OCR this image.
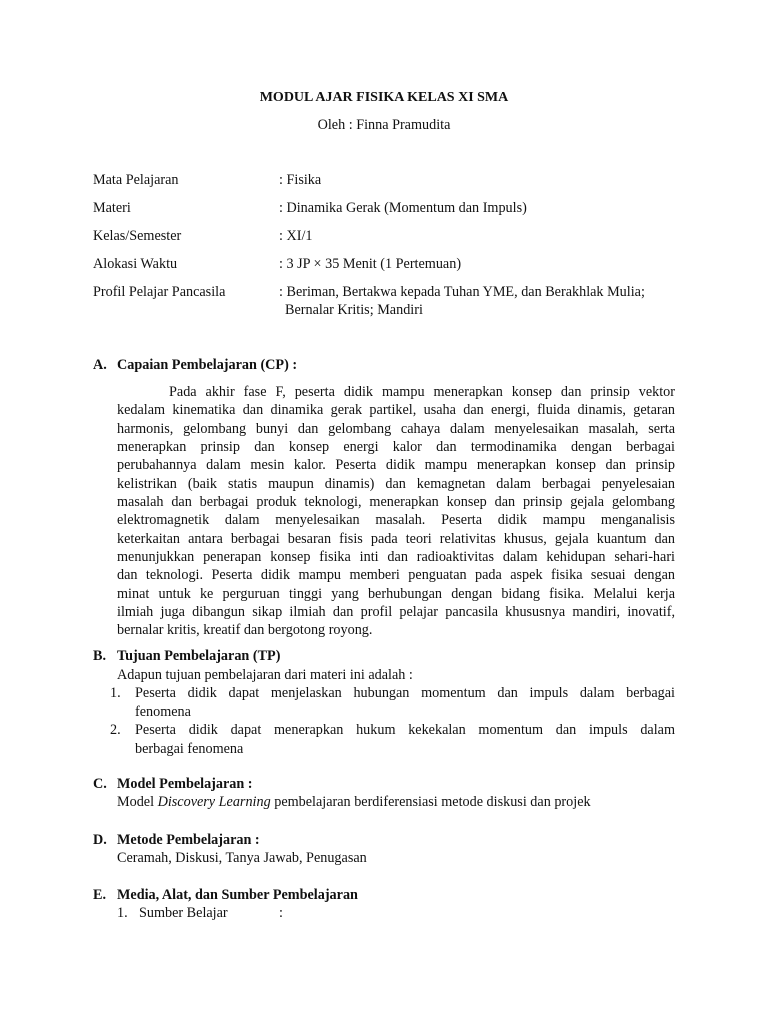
MODUL AJAR FISIKA KELAS XI SMA
Oleh : Finna Pramudita
Mata Pelajaran	: Fisika
Materi	: Dinamika Gerak (Momentum dan Impuls)
Kelas/Semester	: XI/1
Alokasi Waktu	: 3 JP × 35 Menit (1 Pertemuan)
Profil Pelajar Pancasila	: Beriman, Bertakwa kepada Tuhan YME, dan Berakhlak Mulia;
Bernalar Kritis; Mandiri
A. Capaian Pembelajaran (CP) :
Pada akhir fase F, peserta didik mampu menerapkan konsep dan prinsip vektor
kedalam kinematika dan dinamika gerak partikel, usaha dan energi, fluida dinamis, getaran
harmonis, gelombang bunyi dan gelombang cahaya dalam menyelesaikan masalah, serta
menerapkan prinsip dan konsep energi kalor dan termodinamika dengan berbagai
perubahannya dalam mesin kalor. Peserta didik mampu menerapkan konsep dan prinsip
kelistrikan (baik statis maupun dinamis) dan kemagnetan dalam berbagai penyelesaian
masalah dan berbagai produk teknologi, menerapkan konsep dan prinsip gejala gelombang
elektromagnetik dalam menyelesaikan masalah. Peserta didik mampu menganalisis
keterkaitan antara berbagai besaran fisis pada teori relativitas khusus, gejala kuantum dan
menunjukkan penerapan konsep fisika inti dan radioaktivitas dalam kehidupan sehari-hari
dan teknologi. Peserta didik mampu memberi penguatan pada aspek fisika sesuai dengan
minat untuk ke perguruan tinggi yang berhubungan dengan bidang fisika. Melalui kerja
ilmiah juga dibangun sikap ilmiah dan profil pelajar pancasila khususnya mandiri, inovatif,
bernalar kritis, kreatif dan bergotong royong.
B. Tujuan Pembelajaran (TP)
Adapun tujuan pembelajaran dari materi ini adalah :
1. Peserta didik dapat menjelaskan hubungan momentum dan impuls dalam berbagai
fenomena
2. Peserta didik dapat menerapkan hukum kekekalan momentum dan impuls dalam
berbagai fenomena
C. Model Pembelajaran :
Model Discovery Learning pembelajaran berdiferensiasi metode diskusi dan projek
D. Metode Pembelajaran :
Ceramah, Diskusi, Tanya Jawab, Penugasan
E. Media, Alat, dan Sumber Pembelajaran
1. Sumber Belajar	:
